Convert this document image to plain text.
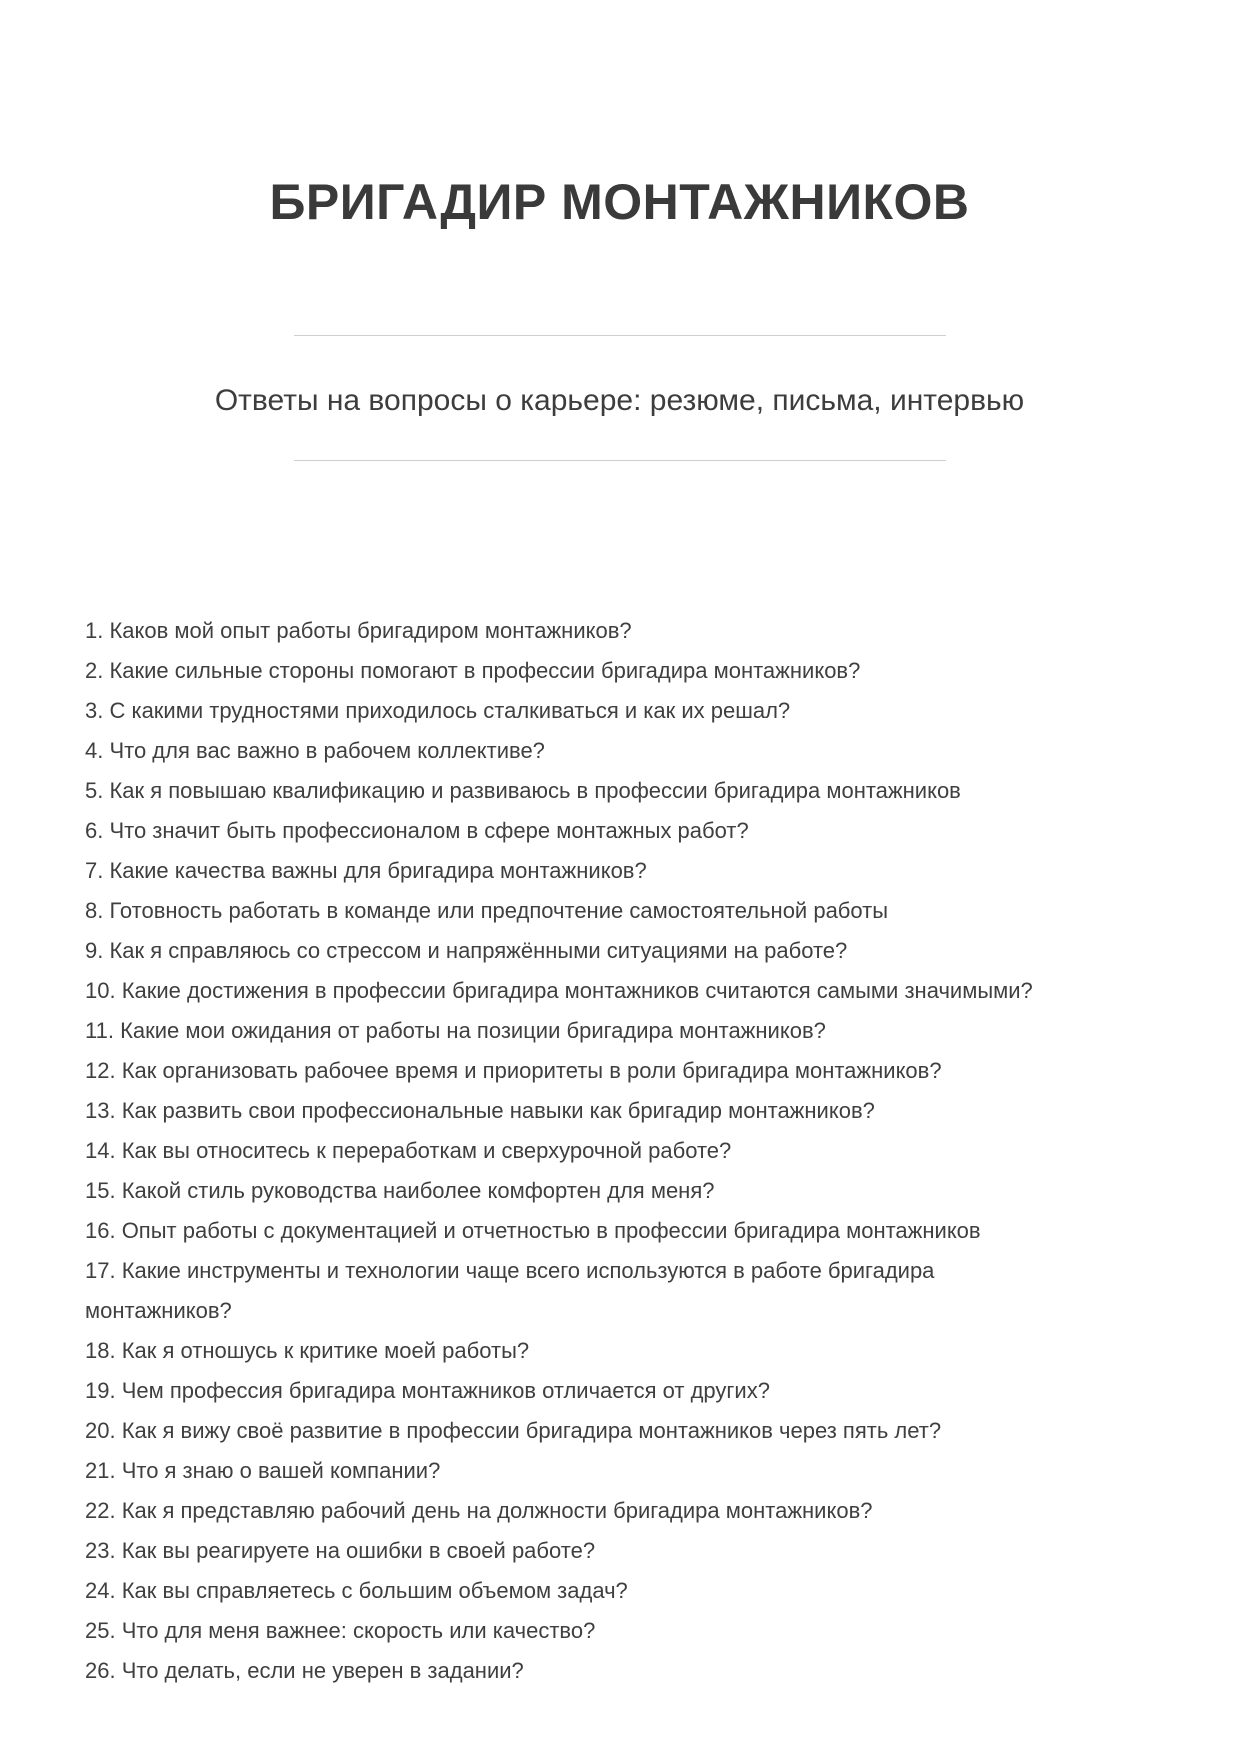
БРИГАДИР МОНТАЖНИКОВ

Ответы на вопросы о карьере: резюме, письма, интервью

1. Каков мой опыт работы бригадиром монтажников?

2. Какие сильные стороны помогают в профессии бригадира монтажников?

3. С какими трудностями приходилось сталкиваться и как их решал?

4. Что для вас важно в рабочем коллективе?

5. Как я повышаю квалификацию и развиваюсь в профессии бригадира монтажников

6. Что значит быть профессионалом в сфере монтажных работ?

7. Какие качества важны для бригадира монтажников?

8. Готовность работать в команде или предпочтение самостоятельной работы

9. Как я справляюсь со стрессом и напряжёнными ситуациями на работе?

10. Какие достижения в профессии бригадира монтажников считаются самыми значимыми?

11. Какие мои ожидания от работы на позиции бригадира монтажников?

12. Как организовать рабочее время и приоритеты в роли бригадира монтажников?

13. Как развить свои профессиональные навыки как бригадир монтажников?

14. Как вы относитесь к переработкам и сверхурочной работе?

15. Какой стиль руководства наиболее комфортен для меня?

16. Опыт работы с документацией и отчетностью в профессии бригадира монтажников

17. Какие инструменты и технологии чаще всего используются в работе бригадира монтажников?

18. Как я отношусь к критике моей работы?

19. Чем профессия бригадира монтажников отличается от других?

20. Как я вижу своё развитие в профессии бригадира монтажников через пять лет?

21. Что я знаю о вашей компании?

22. Как я представляю рабочий день на должности бригадира монтажников?

23. Как вы реагируете на ошибки в своей работе?

24. Как вы справляетесь с большим объемом задач?

25. Что для меня важнее: скорость или качество?

26. Что делать, если не уверен в задании?
